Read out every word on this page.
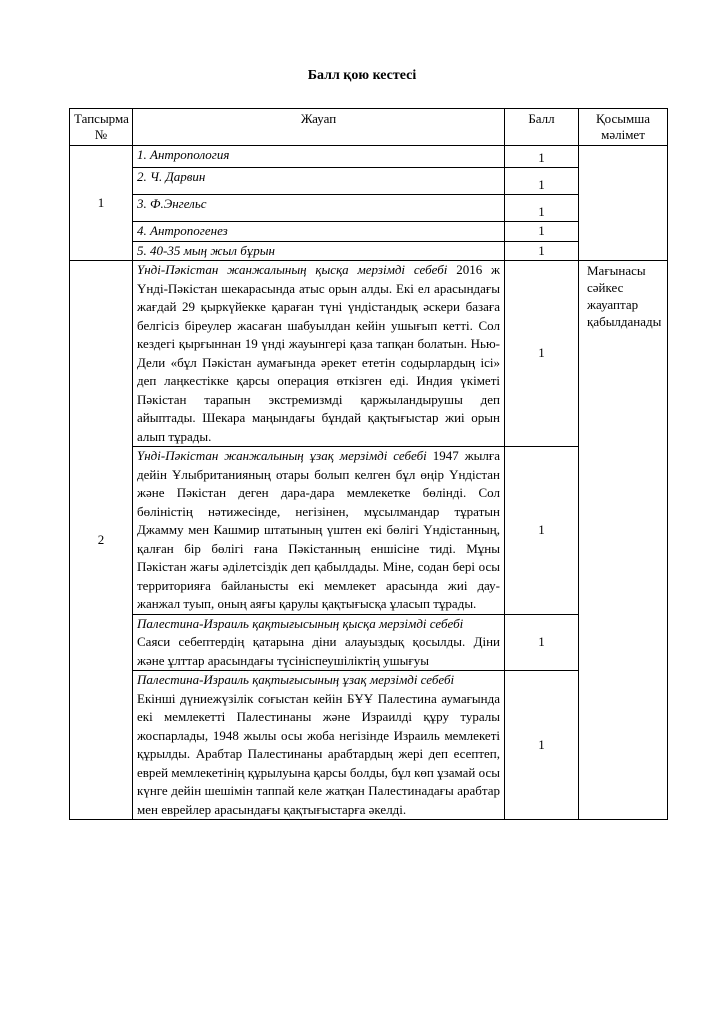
Балл қою кестесі
Тапсырма №	Жауап	Балл	Қосымша мәлімет
1	1. Антропология	1	
	2. Ч. Дарвин	1	
	3. Ф.Энгельс	1	
	4. Антропогенез	1	
	5. 40-35 мың жыл бұрын	1	
2	Үнді-Пәкістан жанжалының қысқа мерзімді себебі 2016 ж Үнді-Пәкістан шекарасында атыс орын алды. Екі ел арасындағы жағдай 29 қыркүйекке қараған түні үндістандық әскери базаға белгісіз біреулер жасаған шабуылдан кейін ушығып кетті. Сол кездегі қырғыннан 19 үнді жауынгері қаза тапқан болатын. Нью-Дели «бұл Пәкістан аумағында әрекет ететін содырлардың ісі» деп лаңкестікке қарсы операция өткізген еді. Индия үкіметі Пәкістан тарапын экстремизмді қаржыландырушы деп айыптады. Шекара маңындағы бұндай қақтығыстар жиі орын алып тұрады.	1	Мағынасы сәйкес жауаптар қабылданады
	Үнді-Пәкістан жанжалының ұзақ мерзімді себебі 1947 жылға дейін Ұлыбританияның отары болып келген бұл өңір Үндістан және Пәкістан деген дара-дара мемлекетке бөлінді. Сол бөліністің нәтижесінде, негізінен, мұсылмандар тұратын Джамму мен Кашмир штатының үштен екі бөлігі Үндістанның, қалған бір бөлігі ғана Пәкістанның еншісіне тиді. Мұны Пәкістан жағы әділетсіздік деп қабылдады. Міне, содан бері осы территорияға байланысты екі мемлекет арасында жиі дау-жанжал туып, оның аяғы қарулы қақтығысқа ұласып тұрады.	1	
	Палестина-Израиль қақтығысының қысқа мерзімді себебі
Саяси себептердің қатарына діни алауыздық қосылды. Діни және ұлттар арасындағы түсініспеушіліктің ушығуы	1	
	Палестина-Израиль қақтығысының ұзақ мерзімді себебі
Екінші дүниежүзілік соғыстан кейін БҰҰ Палестина аумағында екі мемлекетті Палестинаны және Израилді құру туралы жоспарлады, 1948 жылы осы жоба негізінде Израиль мемлекеті құрылды. Арабтар Палестинаны арабтардың жері деп есептеп, еврей мемлекетінің құрылуына қарсы болды, бұл көп ұзамай осы күнге дейін шешімін таппай келе жатқан Палестинадағы арабтар мен еврейлер арасындағы қақтығыстарға әкелді.	1	
